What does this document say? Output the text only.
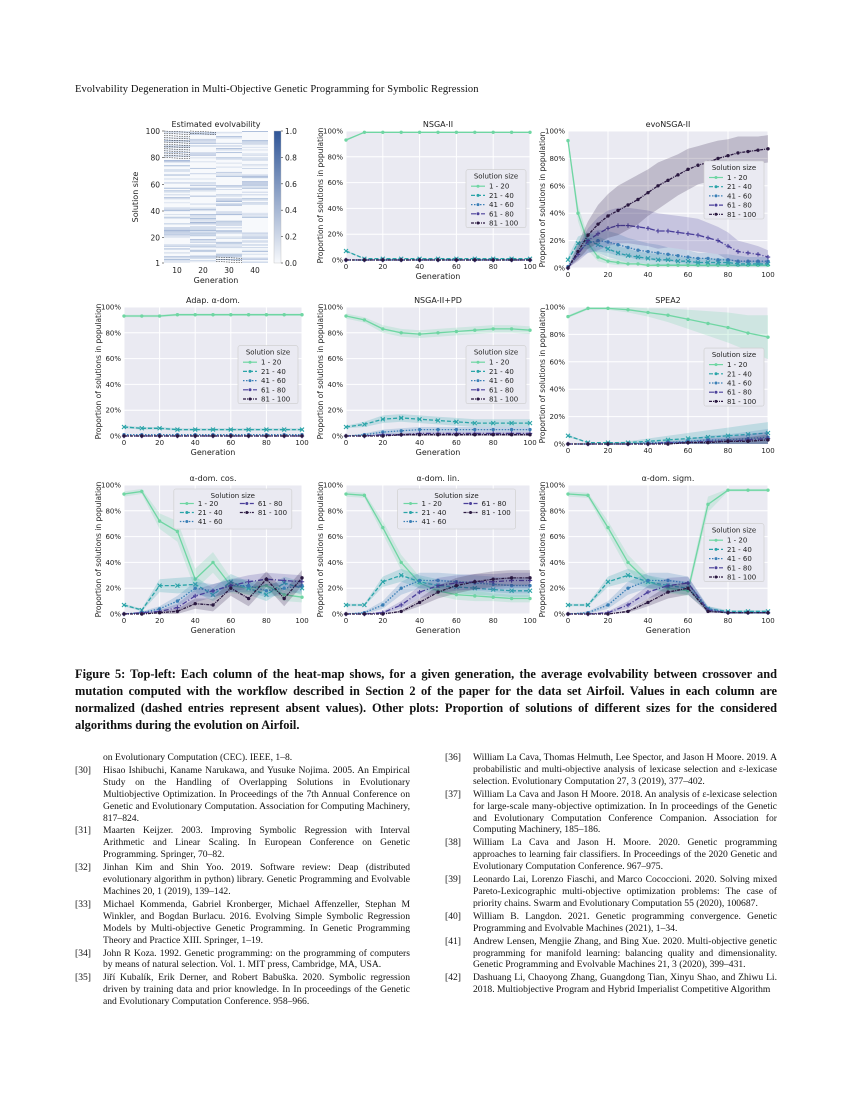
Evolvability Degeneration in Multi-Objective Genetic Programming for Symbolic Regression
Estimated evolvability
100
80
60
40
20
1
10 20 30 40
Generation
Solution size
1.0
0.8
0.6
0.4
0.2
0.0	0%
20%
40%
60%
80%
100%
0	20	40	60	80	100
NSGA-II
Generation
Proportion of solutions in population	Solution size
1 - 20
21 - 40
41 - 60
61 - 80
81 - 100
0%
20%
40%
60%
80%
100%
0	20	40	60	80	100
evoNSGA-II
Proportion of solutions in population	Solution size
1 - 20
21 - 40
41 - 60
61 - 80
81 - 100
0%
20%
40%
60%
80%
100%
0	20	40	60	80	100
Adap. α-dom.
Generation
Proportion of solutions in population	Solution size
1 - 20
21 - 40
41 - 60
61 - 80
81 - 100
0%
20%
40%
60%
80%
100%
0	20	40	60	80	100
NSGA-II+PD
Generation
Proportion of solutions in population	Solution size
1 - 20
21 - 40
41 - 60
61 - 80
81 - 100
0%
20%
40%
60%
80%
100%
0	20	40	60	80	100
SPEA2
Proportion of solutions in population	Solution size
1 - 20
21 - 40
41 - 60
61 - 80
81 - 100
0%
20%
40%
60%
80%
100%
0	20	40	60	80	100
α-dom. cos.
Generation
Proportion of solutions in population	Solution size
1 - 20
21 - 40
41 - 60
61 - 80
81 - 100
0%
20%
40%
60%
80%
100%
0	20	40	60	80	100
α-dom. lin.
Generation
Proportion of solutions in population	Solution size
1 - 20
21 - 40
41 - 60
61 - 80
81 - 100
0%
20%
40%
60%
80%
100%
0	20	40	60	80	100
α-dom. sigm.
Generation
Proportion of solutions in population	Solution size
1 - 20
21 - 40
41 - 60
61 - 80
81 - 100
Figure 5: Top-left: Each column of the heat-map shows, for a given generation, the average evolvability between crossover and mutation computed with the workflow described in Section 2 of the paper for the data set Airfoil. Values in each column are normalized (dashed entries represent absent values). Other plots: Proportion of solutions of different sizes for the considered algorithms during the evolution on Airfoil.
on Evolutionary Computation (CEC). IEEE, 1–8.
[30] Hisao Ishibuchi, Kaname Narukawa, and Yusuke Nojima. 2005. An Empirical Study on the Handling of Overlapping Solutions in Evolutionary Multiobjective Optimization. In Proceedings of the 7th Annual Conference on Genetic and Evolutionary Computation. Association for Computing Machinery, 817–824.
[31] Maarten Keijzer. 2003. Improving Symbolic Regression with Interval Arithmetic and Linear Scaling. In European Conference on Genetic Programming. Springer, 70–82.
[32] Jinhan Kim and Shin Yoo. 2019. Software review: Deap (distributed evolutionary algorithm in python) library. Genetic Programming and Evolvable Machines 20, 1 (2019), 139–142.
[33] Michael Kommenda, Gabriel Kronberger, Michael Affenzeller, Stephan M Winkler, and Bogdan Burlacu. 2016. Evolving Simple Symbolic Regression Models by Multi-objective Genetic Programming. In Genetic Programming Theory and Practice XIII. Springer, 1–19.
[34] John R Koza. 1992. Genetic programming: on the programming of computers by means of natural selection. Vol. 1. MIT press, Cambridge, MA, USA.
[35] Jiří Kubalík, Erik Derner, and Robert Babuška. 2020. Symbolic regression driven by training data and prior knowledge. In In proceedings of the Genetic and Evolutionary Computation Conference. 958–966.
[36] William La Cava, Thomas Helmuth, Lee Spector, and Jason H Moore. 2019. A probabilistic and multi-objective analysis of lexicase selection and ε-lexicase selection. Evolutionary Computation 27, 3 (2019), 377–402.
[37] William La Cava and Jason H Moore. 2018. An analysis of ε-lexicase selection for large-scale many-objective optimization. In In proceedings of the Genetic and Evolutionary Computation Conference Companion. Association for Computing Machinery, 185–186.
[38] William La Cava and Jason H. Moore. 2020. Genetic programming approaches to learning fair classifiers. In Proceedings of the 2020 Genetic and Evolutionary Computation Conference. 967–975.
[39] Leonardo Lai, Lorenzo Fiaschi, and Marco Cococcioni. 2020. Solving mixed Pareto-Lexicographic multi-objective optimization problems: The case of priority chains. Swarm and Evolutionary Computation 55 (2020), 100687.
[40] William B. Langdon. 2021. Genetic programming convergence. Genetic Programming and Evolvable Machines (2021), 1–34.
[41] Andrew Lensen, Mengjie Zhang, and Bing Xue. 2020. Multi-objective genetic programming for manifold learning: balancing quality and dimensionality. Genetic Programming and Evolvable Machines 21, 3 (2020), 399–431.
[42] Dashuang Li, Chaoyong Zhang, Guangdong Tian, Xinyu Shao, and Zhiwu Li. 2018. Multiobjective Program and Hybrid Imperialist Competitive Algorithm
